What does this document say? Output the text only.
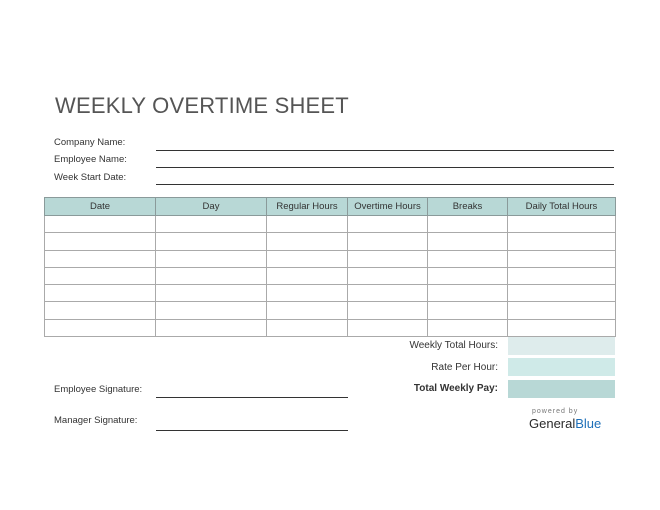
WEEKLY OVERTIME SHEET
Company Name:
Employee Name:
Week Start Date:
Date	Day	Regular Hours	Overtime Hours	Breaks	Daily Total Hours

Weekly Total Hours:
Rate Per Hour:
Total Weekly Pay:
Employee Signature:
Manager Signature:
powered by
GeneralBlue
